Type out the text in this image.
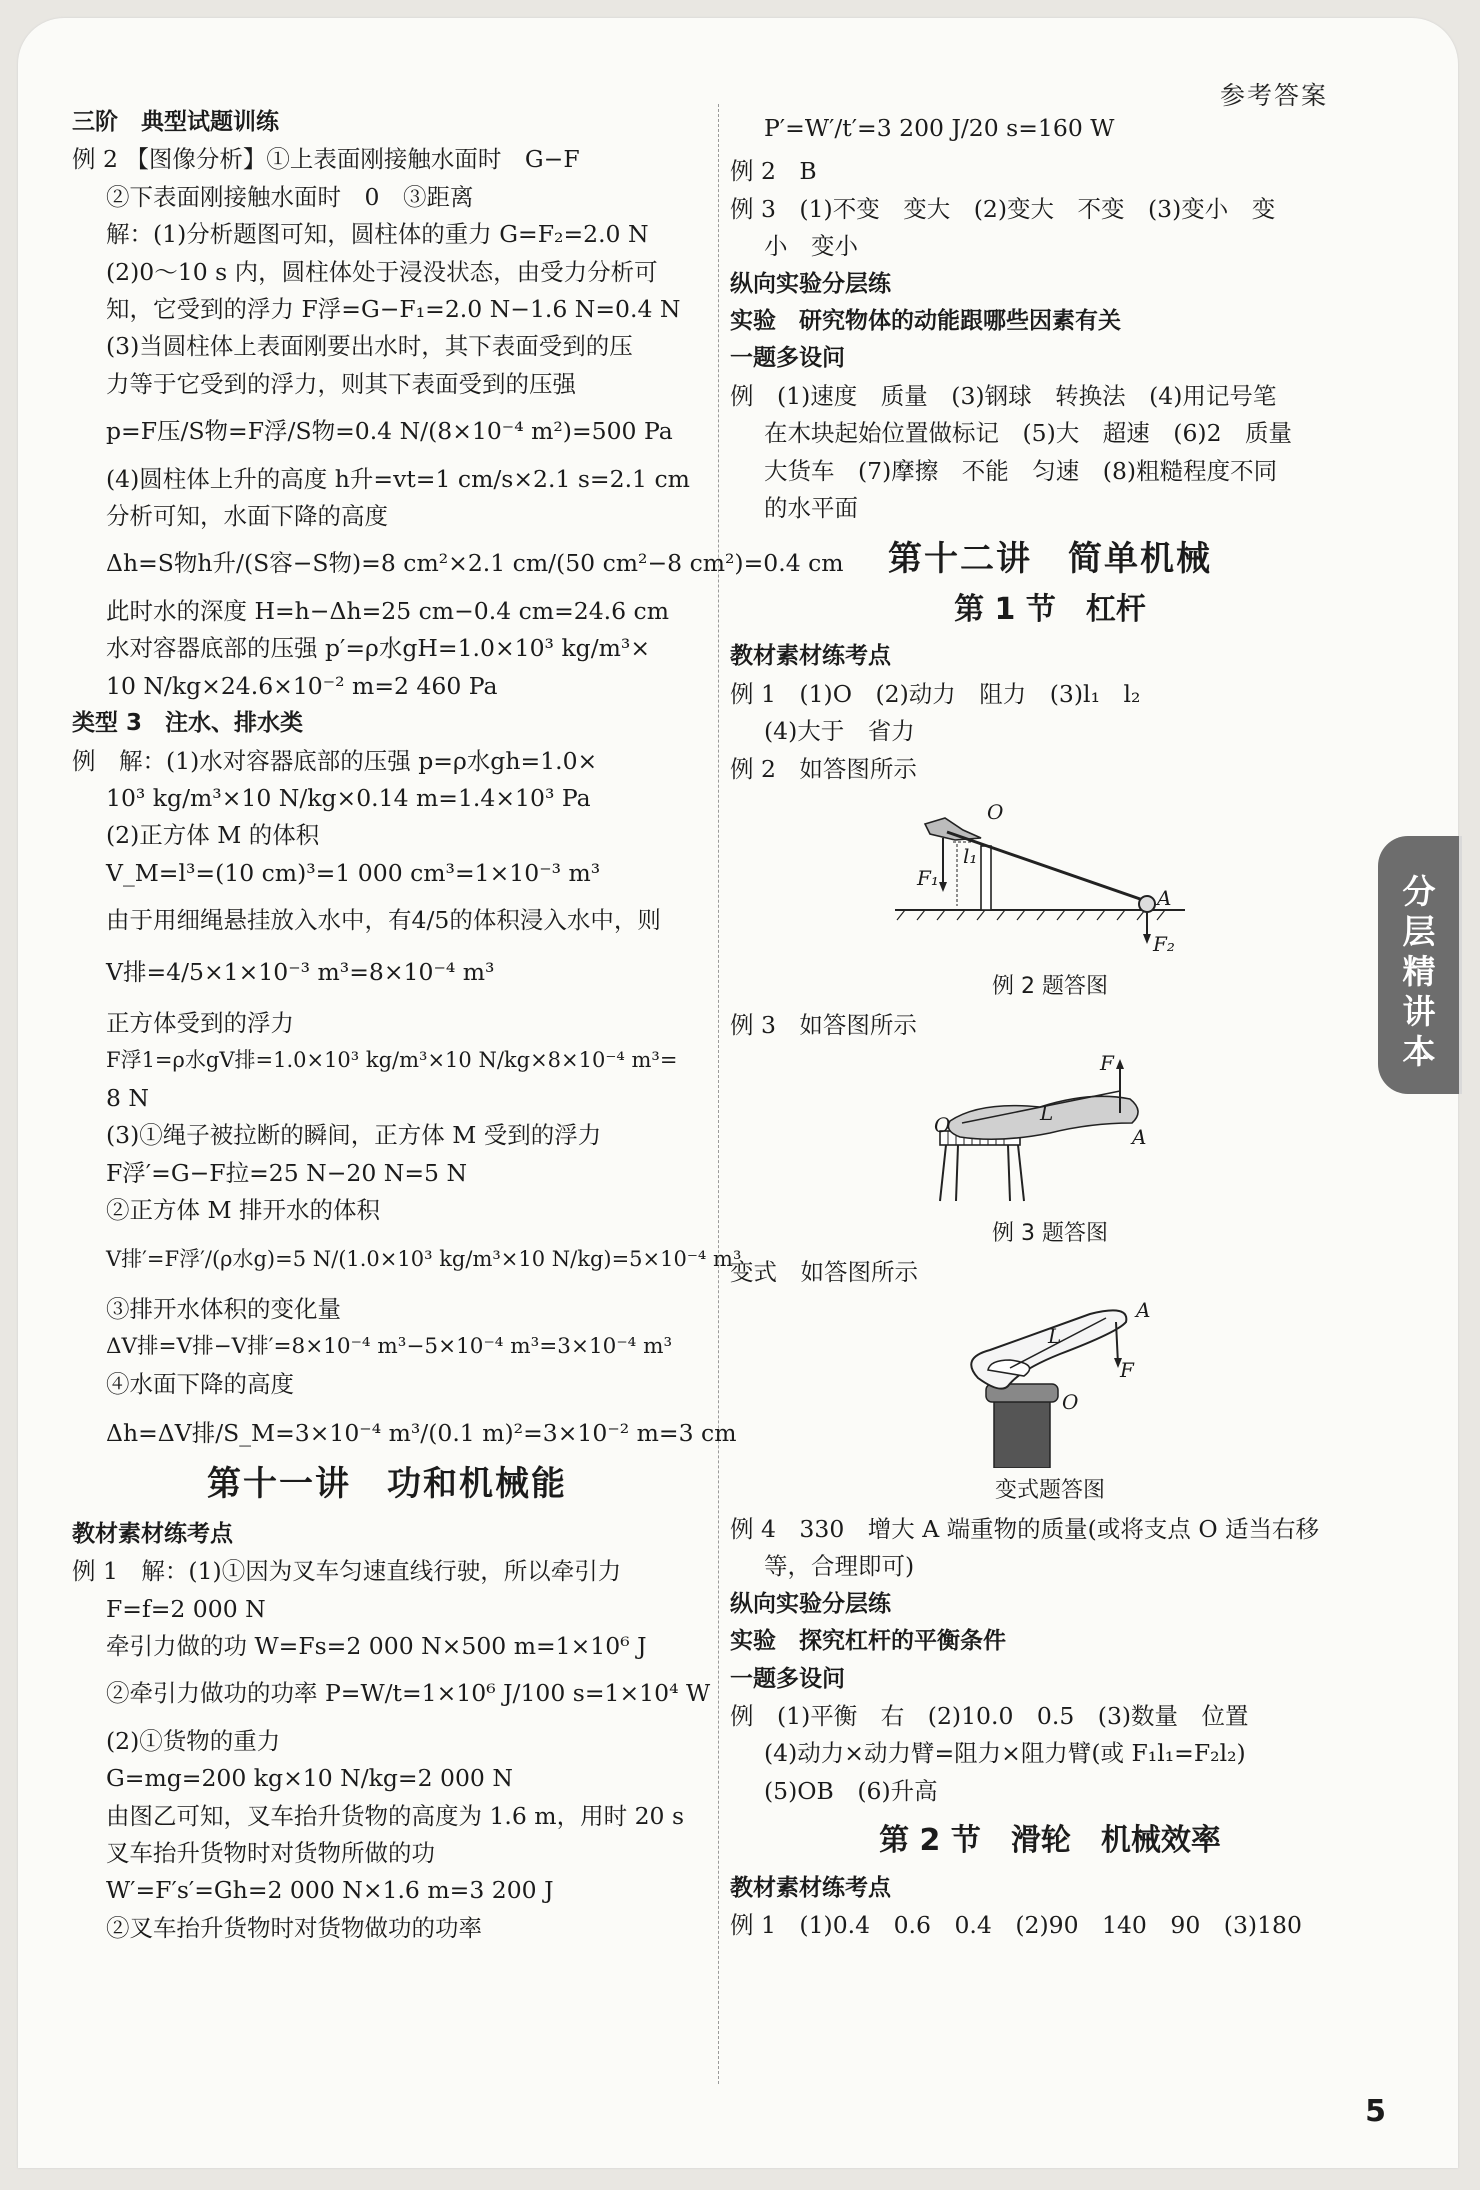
参考答案
三阶　典型试题训练
例 2 【图像分析】①上表面刚接触水面时　G−F
②下表面刚接触水面时　0　③距离
解：(1)分析题图可知，圆柱体的重力 G=F₂=2.0 N
(2)0～10 s 内，圆柱体处于浸没状态，由受力分析可
知，它受到的浮力 F浮=G−F₁=2.0 N−1.6 N=0.4 N
(3)当圆柱体上表面刚要出水时，其下表面受到的压
力等于它受到的浮力，则其下表面受到的压强
p=F压/S物=F浮/S物=0.4 N/(8×10⁻⁴ m²)=500 Pa
(4)圆柱体上升的高度 h升=vt=1 cm/s×2.1 s=2.1 cm
分析可知，水面下降的高度
Δh=S物h升/(S容−S物)=8 cm²×2.1 cm/(50 cm²−8 cm²)=0.4 cm
此时水的深度 H=h−Δh=25 cm−0.4 cm=24.6 cm
水对容器底部的压强 p′=ρ水gH=1.0×10³ kg/m³×
10 N/kg×24.6×10⁻² m=2 460 Pa
类型 3　注水、排水类
例　解：(1)水对容器底部的压强 p=ρ水gh=1.0×
10³ kg/m³×10 N/kg×0.14 m=1.4×10³ Pa
(2)正方体 M 的体积
V_M=l³=(10 cm)³=1 000 cm³=1×10⁻³ m³
由于用细绳悬挂放入水中，有4/5的体积浸入水中，则
V排=4/5×1×10⁻³ m³=8×10⁻⁴ m³
正方体受到的浮力
F浮1=ρ水gV排=1.0×10³ kg/m³×10 N/kg×8×10⁻⁴ m³=
8 N
(3)①绳子被拉断的瞬间，正方体 M 受到的浮力
F浮′=G−F拉=25 N−20 N=5 N
②正方体 M 排开水的体积
V排′=F浮′/(ρ水g)=5 N/(1.0×10³ kg/m³×10 N/kg)=5×10⁻⁴ m³
③排开水体积的变化量
ΔV排=V排−V排′=8×10⁻⁴ m³−5×10⁻⁴ m³=3×10⁻⁴ m³
④水面下降的高度
Δh=ΔV排/S_M=3×10⁻⁴ m³/(0.1 m)²=3×10⁻² m=3 cm
第十一讲　功和机械能
教材素材练考点
例 1　解：(1)①因为叉车匀速直线行驶，所以牵引力
F=f=2 000 N
牵引力做的功 W=Fs=2 000 N×500 m=1×10⁶ J
②牵引力做功的功率 P=W/t=1×10⁶ J/100 s=1×10⁴ W
(2)①货物的重力
G=mg=200 kg×10 N/kg=2 000 N
由图乙可知，叉车抬升货物的高度为 1.6 m，用时 20 s
叉车抬升货物时对货物所做的功
W′=F′s′=Gh=2 000 N×1.6 m=3 200 J
②叉车抬升货物时对货物做功的功率
P′=W′/t′=3 200 J/20 s=160 W
例 2　B
例 3　(1)不变　变大　(2)变大　不变　(3)变小　变
小　变小
纵向实验分层练
实验　研究物体的动能跟哪些因素有关
一题多设问
例　(1)速度　质量　(3)钢球　转换法　(4)用记号笔
在木块起始位置做标记　(5)大　超速　(6)2　质量
大货车　(7)摩擦　不能　匀速　(8)粗糙程度不同
的水平面
第十二讲　简单机械
第 1 节　杠杆
教材素材练考点
例 1　(1)O　(2)动力　阻力　(3)l₁　l₂
(4)大于　省力
例 2　如答图所示
O
F₁
l₁
A
F₂
例 2 题答图
例 3　如答图所示
F
O	L
A
例 3 题答图
变式　如答图所示
A
L
F
O
变式题答图
例 4　330　增大 A 端重物的质量(或将支点 O 适当右移
等，合理即可)
纵向实验分层练
实验　探究杠杆的平衡条件
一题多设问
例　(1)平衡　右　(2)10.0　0.5　(3)数量　位置
(4)动力×动力臂=阻力×阻力臂(或 F₁l₁=F₂l₂)
(5)OB　(6)升高
第 2 节　滑轮　机械效率
教材素材练考点
例 1　(1)0.4　0.6　0.4　(2)90　140　90　(3)180
分层精讲本
5
